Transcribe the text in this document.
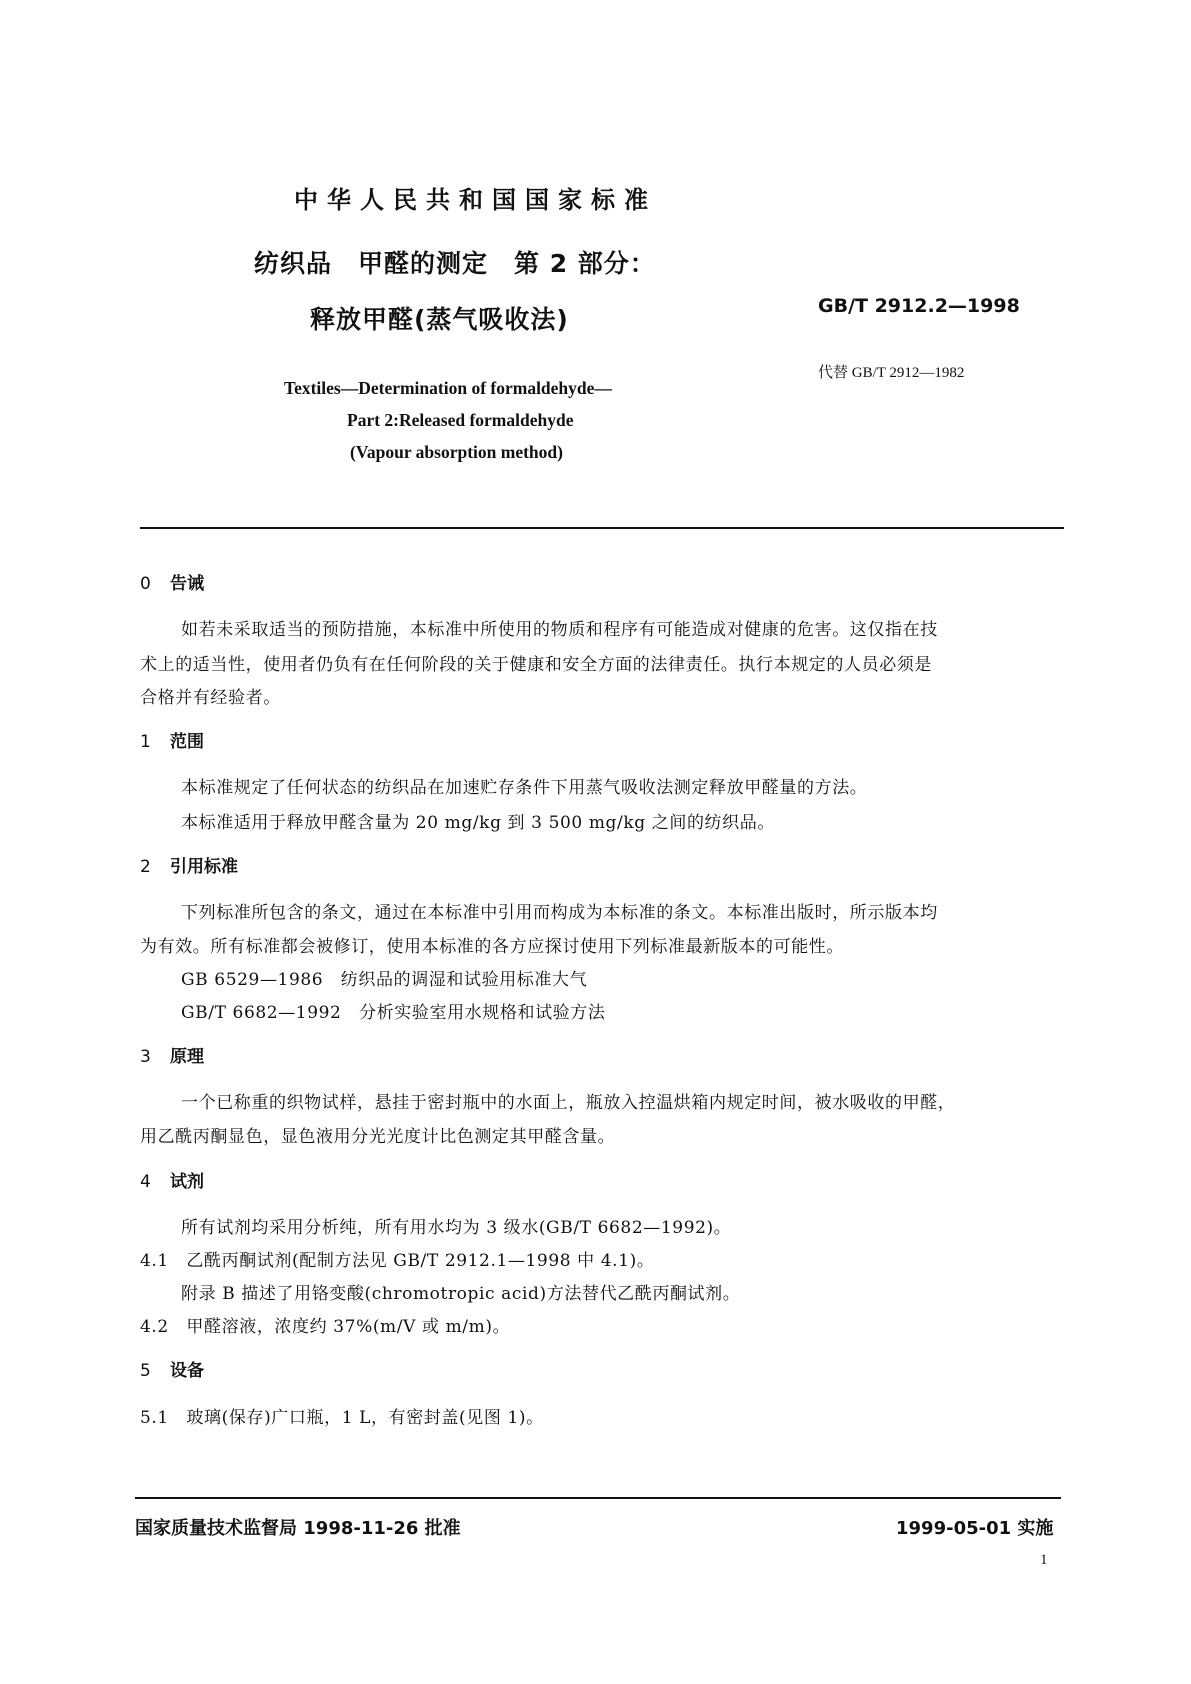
中华人民共和国国家标准
纺织品　甲醛的测定　第 2 部分：
释放甲醛(蒸气吸收法)	GB/T 2912.2—1998
代替 GB/T 2912—1982
Textiles—Determination of formaldehyde—
Part 2:Released formaldehyde
(Vapour absorption method)
0 告诫
如若未采取适当的预防措施，本标准中所使用的物质和程序有可能造成对健康的危害。这仅指在技
术上的适当性，使用者仍负有在任何阶段的关于健康和安全方面的法律责任。执行本规定的人员必须是
合格并有经验者。
1 范围
本标准规定了任何状态的纺织品在加速贮存条件下用蒸气吸收法测定释放甲醛量的方法。
本标准适用于释放甲醛含量为 20 mg/kg 到 3 500 mg/kg 之间的纺织品。
2 引用标准
下列标准所包含的条文，通过在本标准中引用而构成为本标准的条文。本标准出版时，所示版本均
为有效。所有标准都会被修订，使用本标准的各方应探讨使用下列标准最新版本的可能性。
GB 6529—1986　纺织品的调湿和试验用标准大气
GB/T 6682—1992　分析实验室用水规格和试验方法
3 原理
一个已称重的织物试样，悬挂于密封瓶中的水面上，瓶放入控温烘箱内规定时间，被水吸收的甲醛，
用乙酰丙酮显色，显色液用分光光度计比色测定其甲醛含量。
4 试剂
所有试剂均采用分析纯，所有用水均为 3 级水(GB/T 6682—1992)。
4.1　乙酰丙酮试剂(配制方法见 GB/T 2912.1—1998 中 4.1)。
附录 B 描述了用铬变酸(chromotropic acid)方法替代乙酰丙酮试剂。
4.2　甲醛溶液，浓度约 37%(m/V 或 m/m)。
5 设备
5.1　玻璃(保存)广口瓶，1 L，有密封盖(见图 1)。
国家质量技术监督局 1998-11-26 批准	1999-05-01 实施
1
